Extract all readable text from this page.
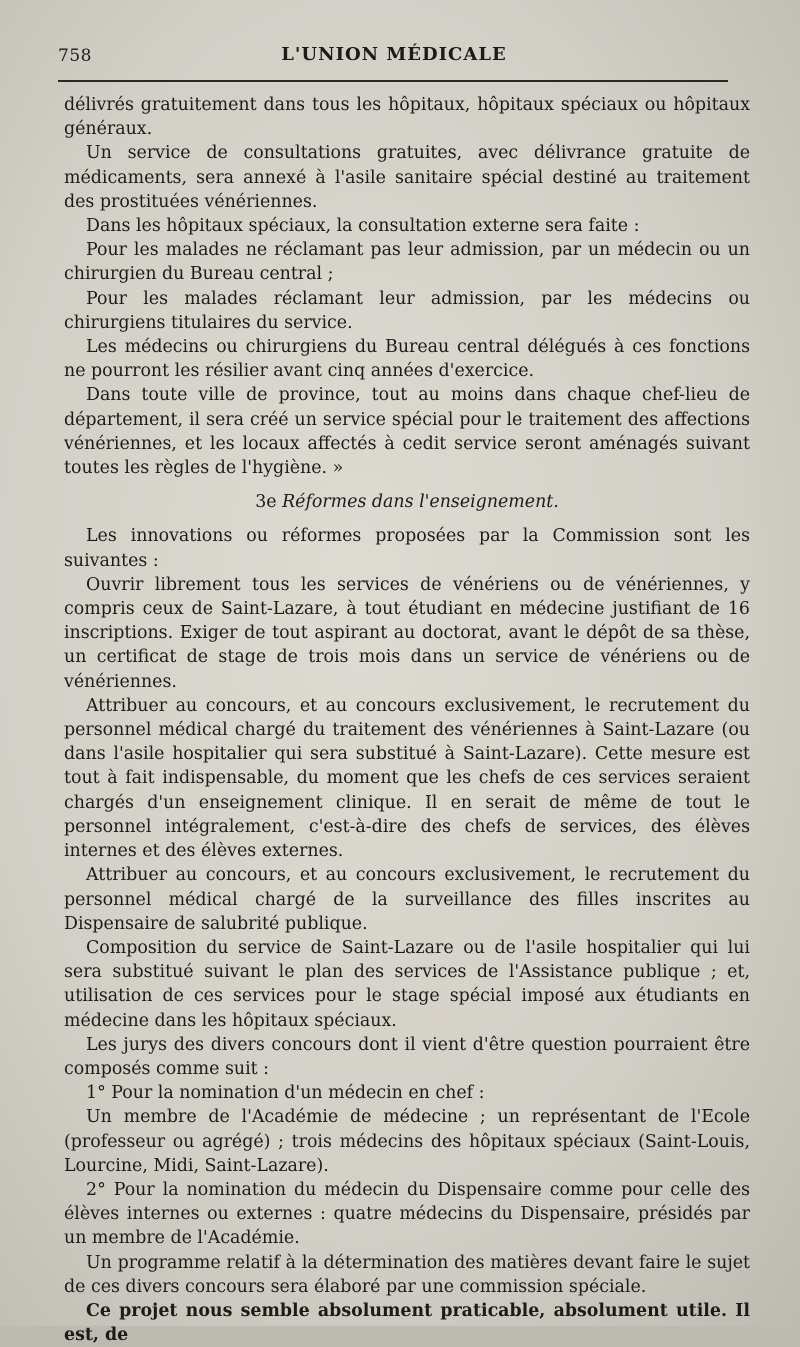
758	L'UNION MÉDICALE

délivrés gratuitement dans tous les hôpitaux, hôpitaux spéciaux ou hôpitaux généraux.

Un service de consultations gratuites, avec délivrance gratuite de médicaments, sera annexé à l'asile sanitaire spécial destiné au traitement des prostituées vénériennes.

Dans les hôpitaux spéciaux, la consultation externe sera faite :

Pour les malades ne réclamant pas leur admission, par un médecin ou un chirurgien du Bureau central ;

Pour les malades réclamant leur admission, par les médecins ou chirurgiens titulaires du service.

Les médecins ou chirurgiens du Bureau central délégués à ces fonctions ne pourront les résilier avant cinq années d'exercice.

Dans toute ville de province, tout au moins dans chaque chef-lieu de département, il sera créé un service spécial pour le traitement des affections vénériennes, et les locaux affectés à cedit service seront aménagés suivant toutes les règles de l'hygiène. »

3e Réformes dans l'enseignement.

Les innovations ou réformes proposées par la Commission sont les suivantes :

Ouvrir librement tous les services de vénériens ou de vénériennes, y compris ceux de Saint-Lazare, à tout étudiant en médecine justifiant de 16 inscriptions. Exiger de tout aspirant au doctorat, avant le dépôt de sa thèse, un certificat de stage de trois mois dans un service de vénériens ou de vénériennes.

Attribuer au concours, et au concours exclusivement, le recrutement du personnel médical chargé du traitement des vénériennes à Saint-Lazare (ou dans l'asile hospitalier qui sera substitué à Saint-Lazare). Cette mesure est tout à fait indispensable, du moment que les chefs de ces services seraient chargés d'un enseignement clinique. Il en serait de même de tout le personnel intégralement, c'est-à-dire des chefs de services, des élèves internes et des élèves externes.

Attribuer au concours, et au concours exclusivement, le recrutement du personnel médical chargé de la surveillance des filles inscrites au Dispensaire de salubrité publique.

Composition du service de Saint-Lazare ou de l'asile hospitalier qui lui sera substitué suivant le plan des services de l'Assistance publique ; et, utilisation de ces services pour le stage spécial imposé aux étudiants en médecine dans les hôpitaux spéciaux.

Les jurys des divers concours dont il vient d'être question pourraient être composés comme suit :

1° Pour la nomination d'un médecin en chef :

Un membre de l'Académie de médecine ; un représentant de l'Ecole (professeur ou agrégé) ; trois médecins des hôpitaux spéciaux (Saint-Louis, Lourcine, Midi, Saint-Lazare).

2° Pour la nomination du médecin du Dispensaire comme pour celle des élèves internes ou externes : quatre médecins du Dispensaire, présidés par un membre de l'Académie.

Un programme relatif à la détermination des matières devant faire le sujet de ces divers concours sera élaboré par une commission spéciale.

Ce projet nous semble absolument praticable, absolument utile. Il est, de
